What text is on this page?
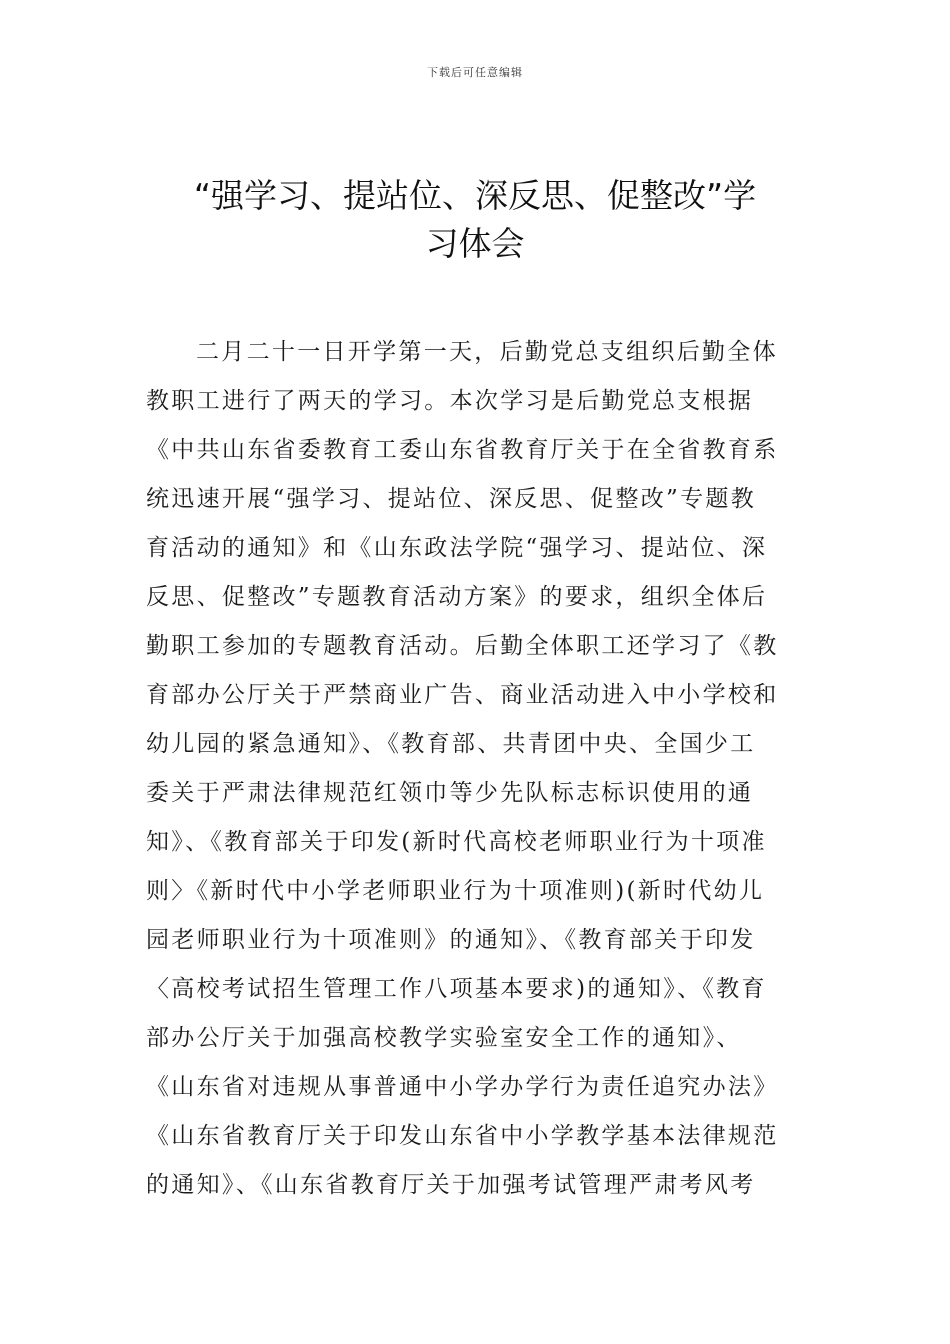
下载后可任意编辑
“强学习、提站位、深反思、促整改”学
习体会
二月二十一日开学第一天，后勤党总支组织后勤全体
教职工进行了两天的学习。本次学习是后勤党总支根据
《中共山东省委教育工委山东省教育厅关于在全省教育系
统迅速开展“强学习、提站位、深反思、促整改”专题教
育活动的通知》和《山东政法学院“强学习、提站位、深
反思、促整改”专题教育活动方案》的要求，组织全体后
勤职工参加的专题教育活动。后勤全体职工还学习了《教
育部办公厅关于严禁商业广告、商业活动进入中小学校和
幼儿园的紧急通知》、《教育部、共青团中央、全国少工
委关于严肃法律规范红领巾等少先队标志标识使用的通
知》、《教育部关于印发(新时代高校老师职业行为十项准
则〉《新时代中小学老师职业行为十项准则)(新时代幼儿
园老师职业行为十项准则》的通知》、《教育部关于印发
〈高校考试招生管理工作八项基本要求)的通知》、《教育
部办公厅关于加强高校教学实验室安全工作的通知》、
《山东省对违规从事普通中小学办学行为责任追究办法》
《山东省教育厅关于印发山东省中小学教学基本法律规范
的通知》、《山东省教育厅关于加强考试管理严肃考风考
